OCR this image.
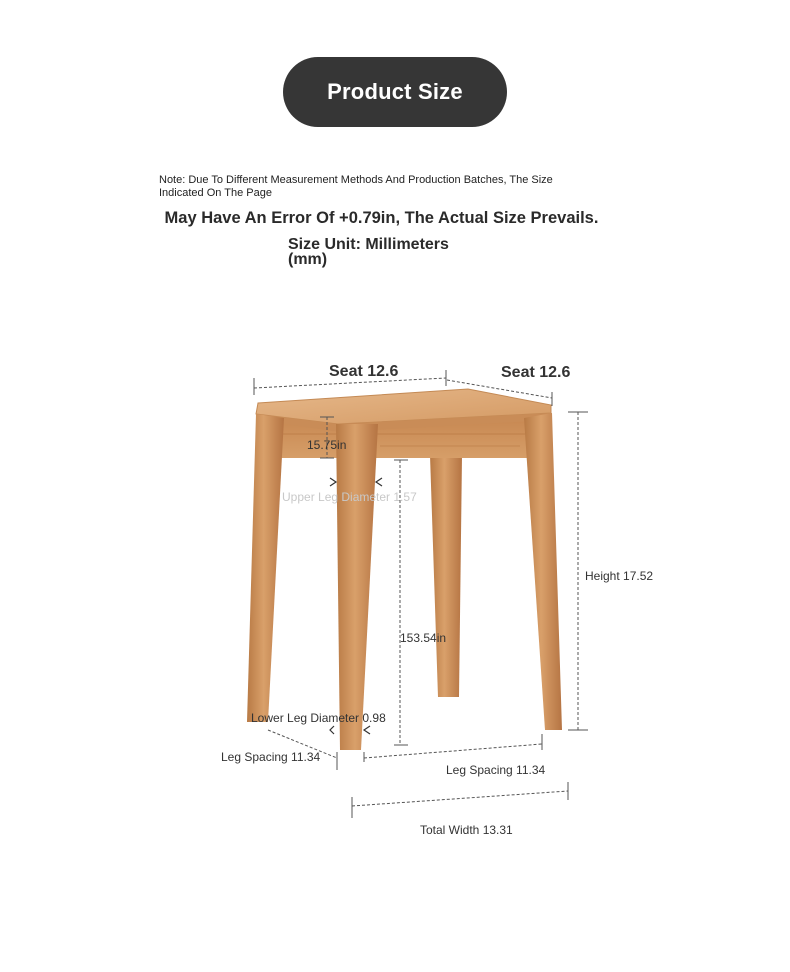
Product Size
Note: Due To Different Measurement Methods And Production Batches, The Size Indicated On The Page
May Have An Error Of +0.79in, The Actual Size Prevails.
Size Unit: Millimeters
(mm)
Seat 12.6	Seat 12.6
15.75in
Upper Leg Diameter 1.57
153.54in
Height 17.52
Lower Leg Diameter 0.98
Leg Spacing 11.34
Leg Spacing 11.34
Total Width 13.31
